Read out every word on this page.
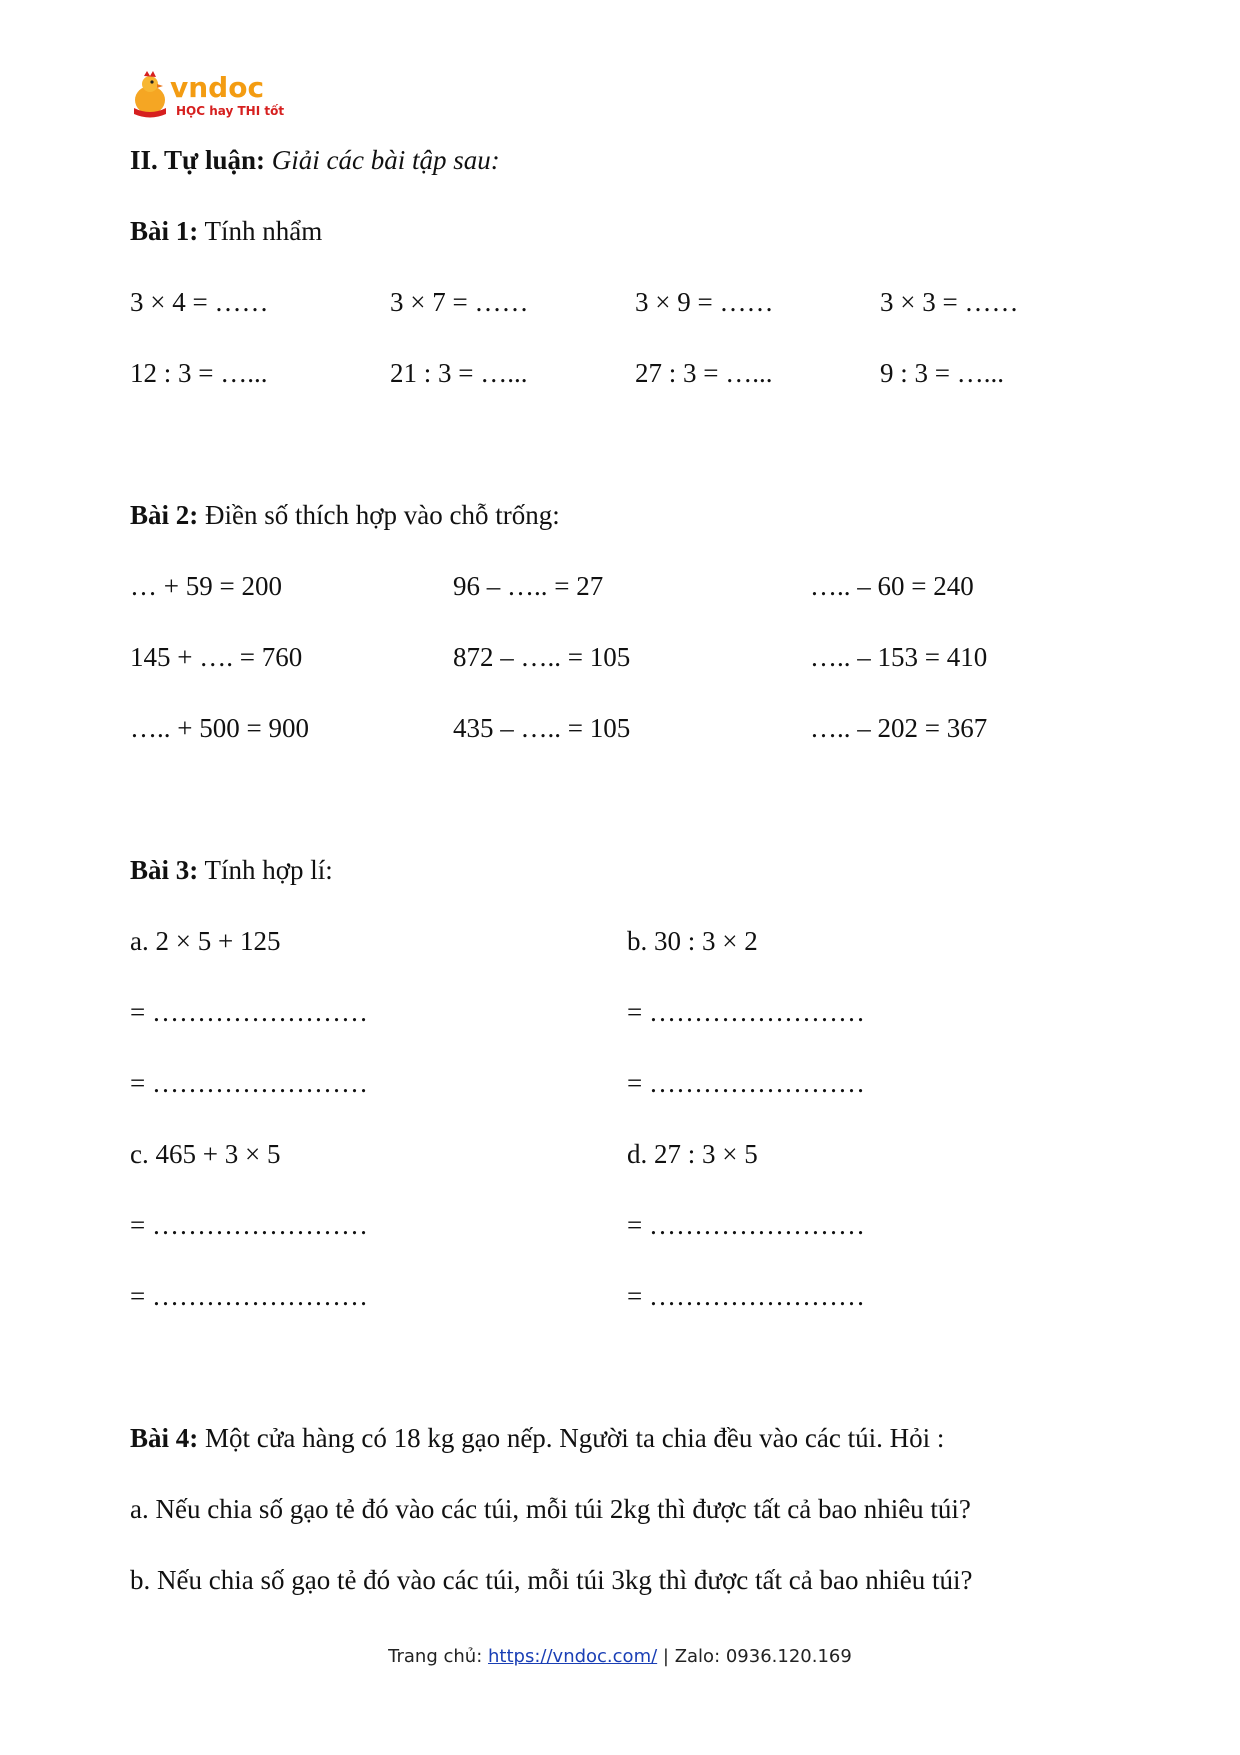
vndoc
HỌC hay THI tốt
II. Tự luận: Giải các bài tập sau:
Bài 1: Tính nhẩm
3 × 4 = ……	3 × 7 = ……	3 × 9 = ……	3 × 3 = ……
12 : 3 = …...	21 : 3 = …...	27 : 3 = …...	9 : 3 = …...
Bài 2: Điền số thích hợp vào chỗ trống:
… + 59 = 200	96 – ….. = 27	….. – 60 = 240
145 + …. = 760	872 – ….. = 105	….. – 153 = 410
….. + 500 = 900	435 – ….. = 105	….. – 202 = 367
Bài 3: Tính hợp lí:
a. 2 × 5 + 125	b. 30 : 3 × 2
= ……………………	= ……………………
= ……………………	= ……………………
c. 465 + 3 × 5	d. 27 : 3 × 5
= ……………………	= ……………………
= ……………………	= ……………………
Bài 4: Một cửa hàng có 18 kg gạo nếp. Người ta chia đều vào các túi. Hỏi :
a. Nếu chia số gạo tẻ đó vào các túi, mỗi túi 2kg thì được tất cả bao nhiêu túi?
b. Nếu chia số gạo tẻ đó vào các túi, mỗi túi 3kg thì được tất cả bao nhiêu túi?
Trang chủ: https://vndoc.com/ | Zalo: 0936.120.169
